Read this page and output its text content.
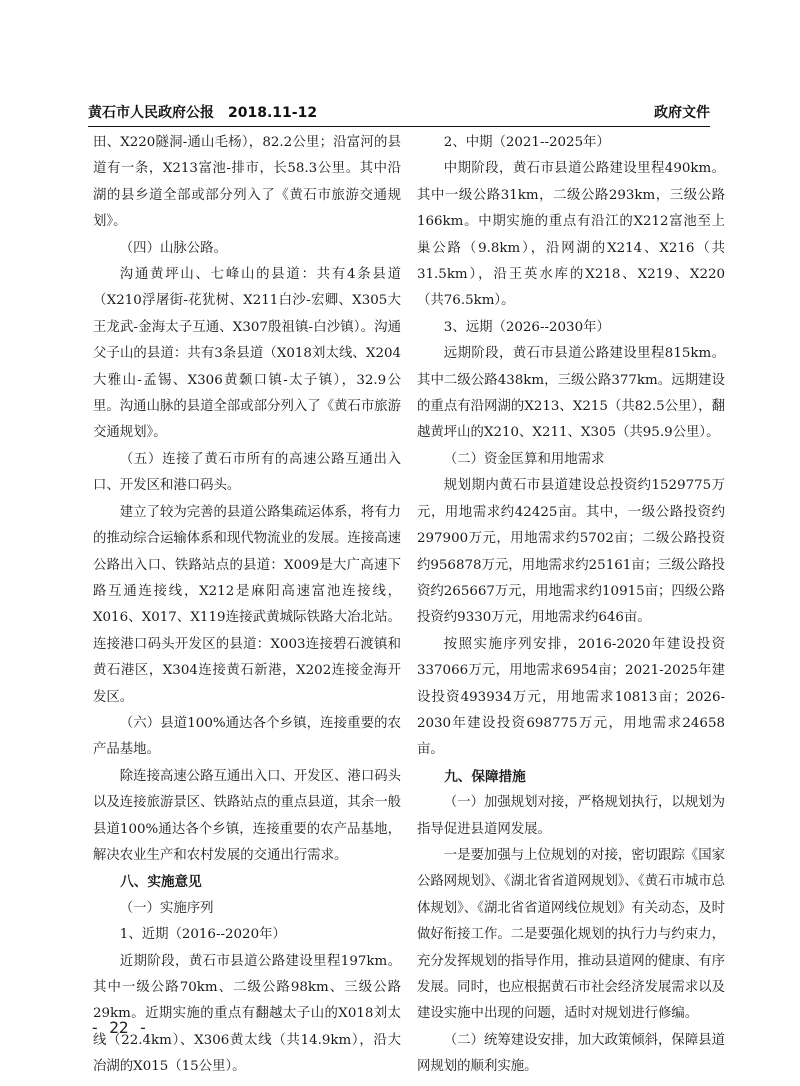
黄石市人民政府公报　2018.11-12	政府文件

田、X220隧洞-通山毛杨），82.2公里；沿富河的县道有一条，X213富池-排市，长58.3公里。其中沿湖的县乡道全部或部分列入了《黄石市旅游交通规划》。

（四）山脉公路。

沟通黄坪山、七峰山的县道：共有4条县道（X210浮屠街-花犹树、X211白沙-宏卿、X305大王龙武-金海太子互通、X307殷祖镇-白沙镇）。沟通父子山的县道：共有3条县道（X018刘太线、X204大雅山-孟锡、X306黄颡口镇-太子镇），32.9公里。沟通山脉的县道全部或部分列入了《黄石市旅游交通规划》。

（五）连接了黄石市所有的高速公路互通出入口、开发区和港口码头。

建立了较为完善的县道公路集疏运体系，将有力的推动综合运输体系和现代物流业的发展。连接高速公路出入口、铁路站点的县道：X009是大广高速下路互通连接线，X212是麻阳高速富池连接线，X016、X017、X119连接武黄城际铁路大冶北站。连接港口码头开发区的县道：X003连接碧石渡镇和黄石港区，X304连接黄石新港，X202连接金海开发区。

（六）县道100%通达各个乡镇，连接重要的农产品基地。

除连接高速公路互通出入口、开发区、港口码头以及连接旅游景区、铁路站点的重点县道，其余一般县道100%通达各个乡镇，连接重要的农产品基地，解决农业生产和农村发展的交通出行需求。

八、实施意见

（一）实施序列

1、近期（2016--2020年）

近期阶段，黄石市县道公路建设里程197km。其中一级公路70km、二级公路98km、三级公路29km。近期实施的重点有翻越太子山的X018刘太线（22.4km）、X306黄太线（共14.9km），沿大冶湖的X015（15公里）。

2、中期（2021--2025年）

中期阶段，黄石市县道公路建设里程490km。其中一级公路31km，二级公路293km，三级公路166km。中期实施的重点有沿江的X212富池至上巢公路（9.8km），沿网湖的X214、X216（共31.5km），沿王英水库的X218、X219、X220（共76.5km）。

3、远期（2026--2030年）

远期阶段，黄石市县道公路建设里程815km。其中二级公路438km，三级公路377km。远期建设的重点有沿网湖的X213、X215（共82.5公里），翻越黄坪山的X210、X211、X305（共95.9公里）。

（二）资金匡算和用地需求

规划期内黄石市县道建设总投资约1529775万元，用地需求约42425亩。其中，一级公路投资约297900万元，用地需求约5702亩；二级公路投资约956878万元，用地需求约25161亩；三级公路投资约265667万元，用地需求约10915亩；四级公路投资约9330万元，用地需求约646亩。

按照实施序列安排，2016-2020年建设投资337066万元，用地需求6954亩；2021-2025年建设投资493934万元，用地需求10813亩；2026-2030年建设投资698775万元，用地需求24658亩。

九、保障措施

（一）加强规划对接，严格规划执行，以规划为指导促进县道网发展。

一是要加强与上位规划的对接，密切跟踪《国家公路网规划》、《湖北省省道网规划》、《黄石市城市总体规划》、《湖北省省道网线位规划》有关动态，及时做好衔接工作。二是要强化规划的执行力与约束力，充分发挥规划的指导作用，推动县道网的健康、有序发展。同时，也应根据黄石市社会经济发展需求以及建设实施中出现的问题，适时对规划进行修编。

（二）统筹建设安排，加大政策倾斜，保障县道网规划的顺利实施。

- 22 -
